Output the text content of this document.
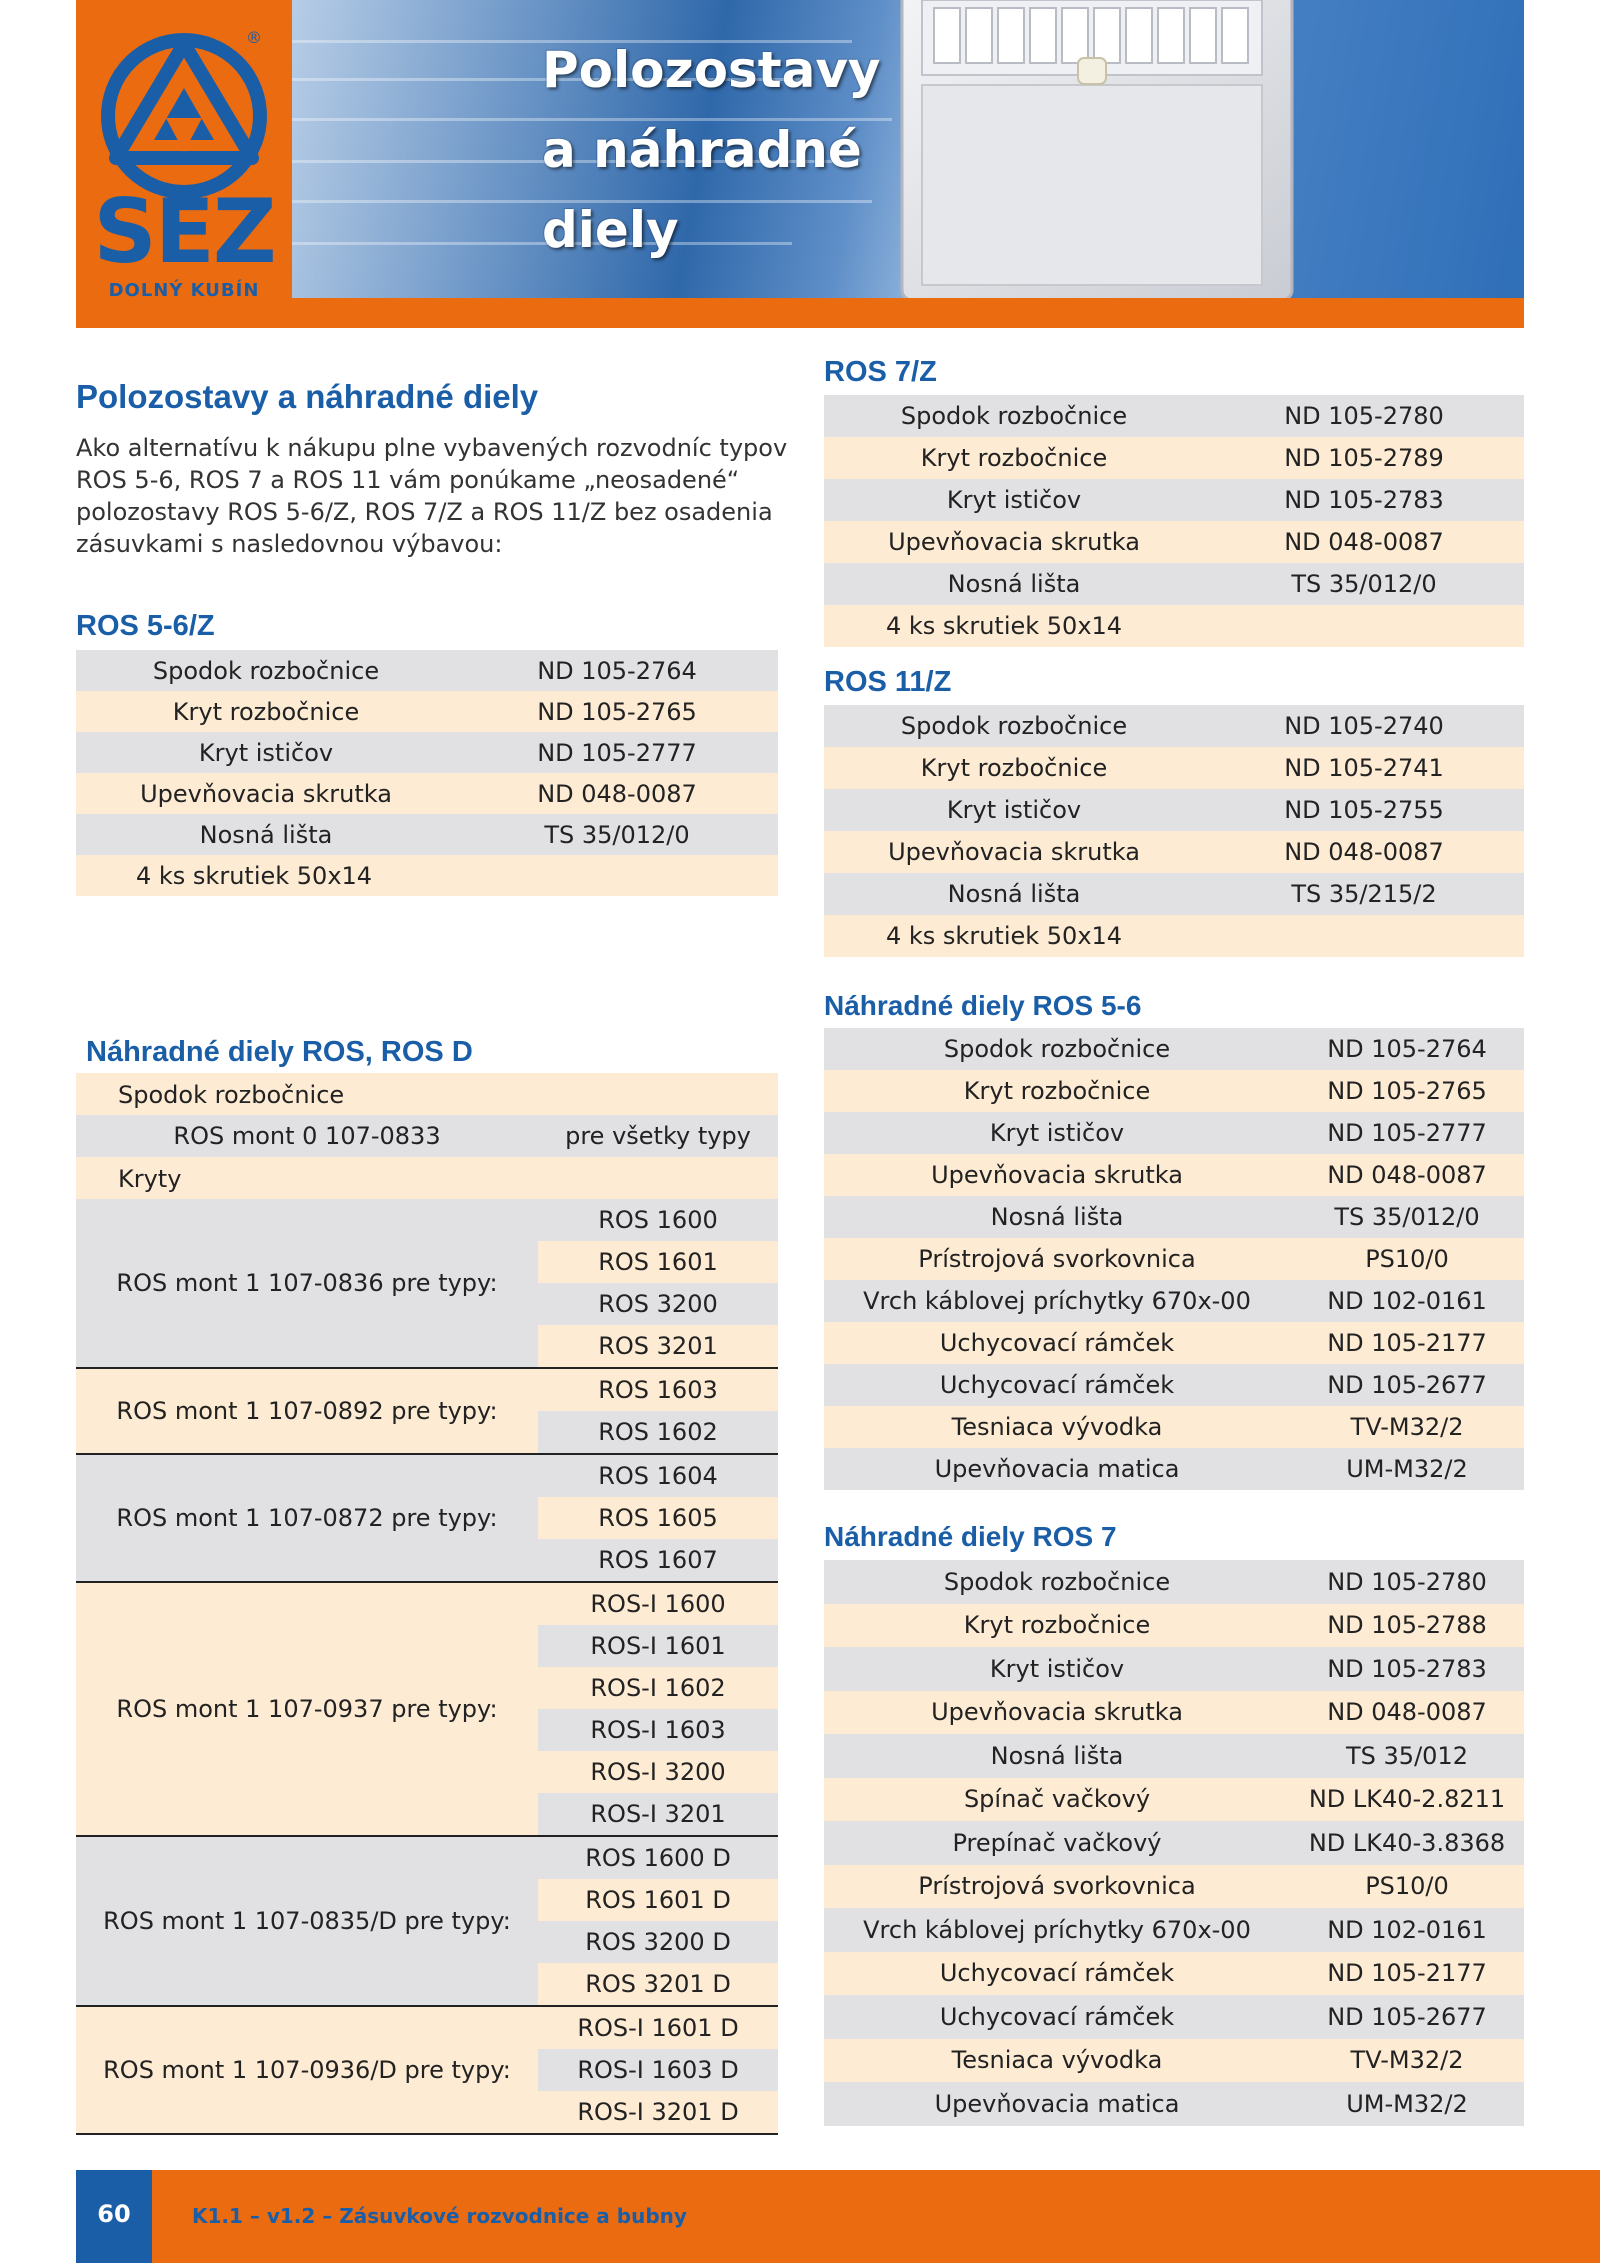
®
SEZ
DOLNÝ KUBÍN
Polozostavy
a náhradné
diely
Polozostavy a náhradné diely
Ako alternatívu k nákupu plne vybavených rozvodníc typov
ROS 5-6, ROS 7 a ROS 11 vám ponúkame „neosadené“
polozostavy ROS 5-6/Z, ROS 7/Z a ROS 11/Z bez osadenia
zásuvkami s nasledovnou výbavou:
ROS 5-6/Z
Spodok rozbočnice	ND 105-2764
Kryt rozbočnice	ND 105-2765
Kryt ističov	ND 105-2777
Upevňovacia skrutka	ND 048-0087
Nosná lišta	TS 35/012/0
4 ks skrutiek 50x14
ROS 7/Z
Spodok rozbočnice	ND 105-2780
Kryt rozbočnice	ND 105-2789
Kryt ističov	ND 105-2783
Upevňovacia skrutka	ND 048-0087
Nosná lišta	TS 35/012/0
4 ks skrutiek 50x14
ROS 11/Z
Spodok rozbočnice	ND 105-2740
Kryt rozbočnice	ND 105-2741
Kryt ističov	ND 105-2755
Upevňovacia skrutka	ND 048-0087
Nosná lišta	TS 35/215/2
4 ks skrutiek 50x14
Náhradné diely ROS 5-6
Spodok rozbočnice	ND 105-2764
Kryt rozbočnice	ND 105-2765
Kryt ističov	ND 105-2777
Upevňovacia skrutka	ND 048-0087
Nosná lišta	TS 35/012/0
Prístrojová svorkovnica	PS10/0
Vrch káblovej príchytky 670x-00	ND 102-0161
Uchycovací rámček	ND 105-2177
Uchycovací rámček	ND 105-2677
Tesniaca vývodka	TV-M32/2
Upevňovacia matica	UM-M32/2
Náhradné diely ROS 7
Spodok rozbočnice	ND 105-2780
Kryt rozbočnice	ND 105-2788
Kryt ističov	ND 105-2783
Upevňovacia skrutka	ND 048-0087
Nosná lišta	TS 35/012
Spínač vačkový	ND LK40-2.8211
Prepínač vačkový	ND LK40-3.8368
Prístrojová svorkovnica	PS10/0
Vrch káblovej príchytky 670x-00	ND 102-0161
Uchycovací rámček	ND 105-2177
Uchycovací rámček	ND 105-2677
Tesniaca vývodka	TV-M32/2
Upevňovacia matica	UM-M32/2
Náhradné diely ROS, ROS D
Spodok rozbočnice
ROS mont 0 107-0833	pre všetky typy
Kryty
ROS mont 1 107-0836 pre typy:
ROS 1600
ROS 1601
ROS 3200
ROS 3201
ROS mont 1 107-0892 pre typy:
ROS 1603
ROS 1602
ROS mont 1 107-0872 pre typy:
ROS 1604
ROS 1605
ROS 1607
ROS mont 1 107-0937 pre typy:
ROS-I 1600
ROS-I 1601
ROS-I 1602
ROS-I 1603
ROS-I 3200
ROS-I 3201
ROS mont 1 107-0835/D pre typy:
ROS 1600 D
ROS 1601 D
ROS 3200 D
ROS 3201 D
ROS mont 1 107-0936/D pre typy:
ROS-I 1601 D
ROS-I 1603 D
ROS-I 3201 D
60	K1.1 – v1.2 – Zásuvkové rozvodnice a bubny
